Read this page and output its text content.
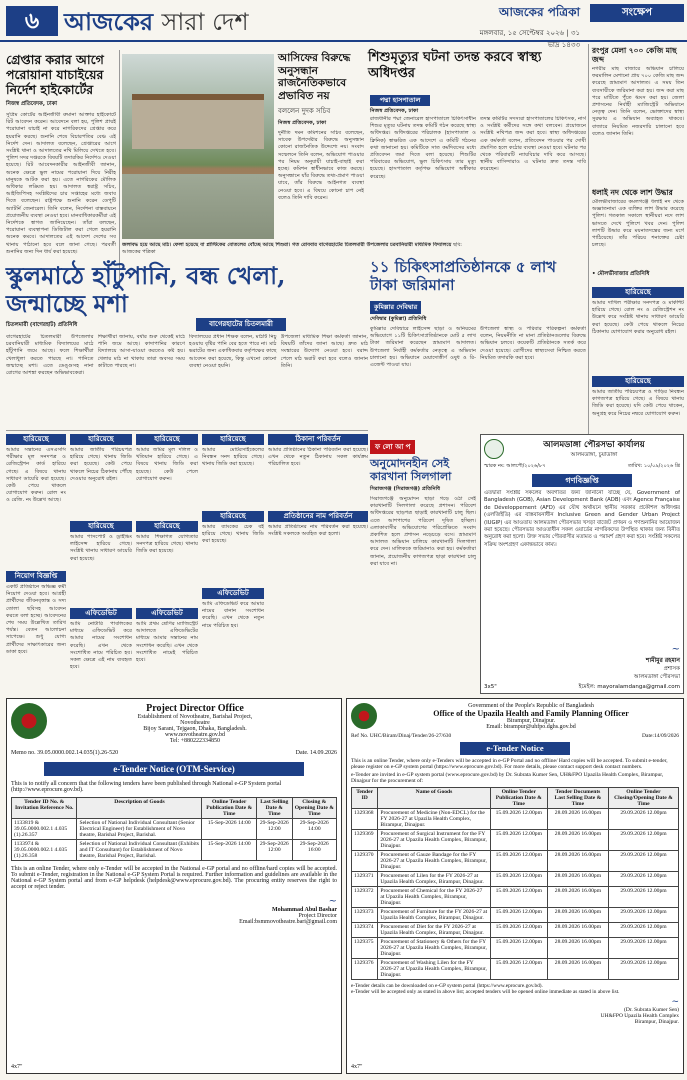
৬	আজকের সারা দেশ	আজকের পত্রিকা
মঙ্গলবার, ১৫ সেপ্টেম্বর ২০২৬ | ৩১ ভাদ্র ১৪৩৩
সংক্ষেপ
গ্রেপ্তার করার আগে পরোয়ানা যাচাইয়ের নির্দেশ হাইকোর্টের
নিজস্ব প্রতিবেদক, ঢাকা
সুপ্রিম কোর্টের আইনজীবী রুমানা আক্তার হাইকোর্টে রিট আবেদন করেন। আবেদনে বলা হয়, পুলিশ প্রায়ই পরোয়ানা যাচাই না করে নাগরিকদের গ্রেপ্তার করে হয়রানি করছে। শুনানি শেষে বিচারপতির বেঞ্চ এই নির্দেশ দেন। আদালত বলেছেন, গ্রেপ্তারের আগে সংশ্লিষ্ট থানা ও আদালতের নথি মিলিয়ে দেখতে হবে। পুলিশ সদর দপ্তরকে বিষয়টি তদারকির নির্দেশও দেওয়া হয়েছে। রিট আবেদনকারীর আইনজীবী জানান, অনেক ক্ষেত্রে ভুল নামের পরোয়ানা দিয়ে নিরীহ মানুষকে আটক করা হয়। এতে নাগরিকের মৌলিক অধিকার লঙ্ঘিত হয়। আদালত স্বরাষ্ট্র সচিব, আইজিপিসহ সংশ্লিষ্টদের চার সপ্তাহের মধ্যে জবাব দিতে বলেছেন। রাষ্ট্রপক্ষে শুনানি করেন ডেপুটি অ্যাটর্নি জেনারেল। তিনি বলেন, নির্দেশনা বাস্তবায়নে প্রয়োজনীয় ব্যবস্থা নেওয়া হবে। মানবাধিকারকর্মীরা এই নির্দেশকে স্বাগত জানিয়েছেন। তাঁরা বলছেন, পরোয়ানা ব্যবস্থাপনা ডিজিটাল করা গেলে হয়রানি অনেক কমবে। আদালতের এই আদেশ দেশের সব থানায় পাঠানো হবে বলে জানা গেছে। পরবর্তী শুনানির জন্য দিন ধার্য করা হয়েছে।
জলাবদ্ধ হয়ে আছে মাঠ। ফেলা হয়েছে বা প্লাস্টিকের বোতলের বোঁচ্ছে আছে শিশুরা। গত রোববার বাগেরহাটের চিতলমারী উপজেলার চরবানিয়ারী মাধ্যমিক বিদ্যালয়ে ছবি: আজকের পত্রিকা
আসিফের বিরুদ্ধে অনুসন্ধান রাজনৈতিকভাবে প্রভাবিত নয়
বললেন দুদক সচিব
নিজস্ব প্রতিবেদক, ঢাকা
দুর্নীতি দমন কমিশনের সচিব বলেছেন, সাবেক উপদেষ্টার বিরুদ্ধে অনুসন্ধান কোনো রাজনৈতিক উদ্দেশ্যে নয়। সংবাদ সম্মেলনে তিনি বলেন, অভিযোগ পাওয়ার পর নিয়ম অনুযায়ী যাচাই-বাছাই করা হচ্ছে। কমিশন স্বাধীনভাবে কাজ করছে। অনুসন্ধানে যাঁর বিরুদ্ধে তথ্য-প্রমাণ পাওয়া যাবে, তাঁর বিরুদ্ধে আইনগত ব্যবস্থা নেওয়া হবে। এ বিষয়ে কোনো চাপ নেই বলেও তিনি দাবি করেন।
শিশুমৃত্যুর ঘটনা তদন্ত করবে স্বাস্থ্য অধিদপ্তর
পদ্মা হাসপাতাল
নিজস্ব প্রতিবেদক, ঢাকা
রাজধানীর পদ্মা জেনারেল হাসপাতালে চিকিৎসাধীন শিশুর মৃত্যুর ঘটনায় তদন্ত কমিটি গঠন করেছে স্বাস্থ্য অধিদপ্তর। অধিদপ্তরের পরিচালক (হাসপাতাল ও ক্লিনিক) স্বাক্ষরিত এক আদেশে এ কমিটি গঠনের কথা জানানো হয়। কমিটিকে সাত কর্মদিবসের মধ্যে প্রতিবেদন জমা দিতে বলা হয়েছে। শিশুটির পরিবারের অভিযোগ, ভুল চিকিৎসায় তার মৃত্যু হয়েছে। হাসপাতাল কর্তৃপক্ষ অভিযোগ অস্বীকার করেছে।
তদন্ত কমিটির সদস্যরা হাসপাতালের চিকিৎসক, নার্স ও সংশ্লিষ্ট কর্মীদের সঙ্গে কথা বলবেন। প্রয়োজনে সংশ্লিষ্ট নথিপত্র জব্দ করা হবে। স্বাস্থ্য অধিদপ্তরের এক কর্মকর্তা বলেন, প্রতিবেদন পাওয়ার পর দোষী প্রমাণিত হলে কঠোর ব্যবস্থা নেওয়া হবে। ঘটনার পর থেকে পরিবারটি ন্যায়বিচার দাবি করে আসছে। স্থানীয় বাসিন্দারাও এ ঘটনার দ্রুত তদন্ত দাবি করেছেন।
রংপুর মেলা ৭০০ কেজি মাছ জব্দ
নগরীর মাছ বাজারে অভিযান চালিয়ে ফরমালিন মেশানো প্রায় ৭০০ কেজি মাছ জব্দ করেছে ভ্রাম্যমাণ আদালত। এ সময় তিন ব্যবসায়ীকে জরিমানা করা হয়। জব্দ করা মাছ পরে মাটিতে পুঁতে ধ্বংস করা হয়। জেলা প্রশাসনের নির্বাহী ম্যাজিস্ট্রেট অভিযানে নেতৃত্ব দেন। তিনি বলেন, ভোক্তাদের স্বাস্থ্য সুরক্ষায় এ অভিযান অব্যাহত থাকবে। বাজারে নিয়মিত নজরদারি চালানো হবে বলেও জানান তিনি।
ধলাই নদ থেকে লাশ উদ্ধার
মৌলভীবাজারের কমলগঞ্জে ধলাই নদ থেকে অজ্ঞাতনামা এক ব্যক্তির লাশ উদ্ধার করেছে পুলিশ। গতকাল সকালে স্থানীয়রা নদে লাশ ভাসতে দেখে পুলিশে খবর দেন। পুলিশ লাশটি উদ্ধার করে ময়নাতদন্তের জন্য মর্গে পাঠিয়েছে। তাঁর পরিচয় শনাক্তের চেষ্টা চলছে।
• মৌলভীবাজার প্রতিনিধি
হারিয়েছে
আমার দাখিল পরীক্ষার সনদপত্র ও মার্কশিট হারিয়ে গেছে। রোল নং ও রেজিস্ট্রেশন নং উল্লেখ করে সংশ্লিষ্ট থানায় সাধারণ ডায়েরি করা হয়েছে। কেউ পেয়ে থাকলে নিচের ঠিকানায় যোগাযোগ করার অনুরোধ রইল।
হারিয়েছে
আমার জাতীয় পরিচয়পত্র ও গাড়ির নিবন্ধন কাগজপত্র হারিয়ে গেছে। এ বিষয়ে থানায় জিডি করা হয়েছে। যদি কেউ পেয়ে থাকেন, অনুগ্রহ করে নিচের নম্বরে যোগাযোগ করুন।
স্কুলমাঠে হাঁটুপানি, বন্ধ খেলা, জন্মাচ্ছে মশা
চিতলমারী (বাগেরহাট) প্রতিনিধি	বাগেরহাটের চিতলমারী
বাগেরহাটের চিতলমারী উপজেলার চরবানিয়ারী মাধ্যমিক বিদ্যালয়ের মাঠে হাঁটুপানি জমে আছে। ফলে শিক্ষার্থীরা খেলাধুলা করতে পারছে না। পানিতে জন্মাচ্ছে মশা। এতে ডেঙ্গুসহ নানা রোগের আশঙ্কা করছেন অভিভাবকেরা।
শিক্ষার্থীরা জানায়, বর্ষার শুরু থেকেই মাঠে পানি জমে আছে। কাদাপানির কারণে বিদ্যালয়ে আসা-যাওয়া করতেও কষ্ট হয়। খেলার মাঠ না থাকায় তারা অবসর সময় কাটাতে পারছে না।
বিদ্যালয়ের প্রধান শিক্ষক বলেন, মাঠটি নিচু হওয়ায় বৃষ্টির পানি বের হতে পারে না। মাঠ ভরাটের জন্য একাধিকবার কর্তৃপক্ষের কাছে আবেদন করা হয়েছে, কিন্তু এখনো কোনো ব্যবস্থা নেওয়া হয়নি।
উপজেলা মাধ্যমিক শিক্ষা কর্মকর্তা জানান, বিষয়টি তাঁদের জানা আছে। দ্রুত মাঠ সংস্কারের উদ্যোগ নেওয়া হবে। বরাদ্দ পেলে মাঠ ভরাট করা হবে বলেও জানান তিনি।
১১ চিকিৎসাপ্রতিষ্ঠানকে ৫ লাখ টাকা জরিমানা
কুমিল্লার দেবিদ্বার
দেবিদ্বার (কুমিল্লা) প্রতিনিধি
কুমিল্লার দেবিদ্বারে লাইসেন্স ছাড়া ও অনিয়মের অভিযোগে ১১টি চিকিৎসাপ্রতিষ্ঠানকে মোট ৫ লাখ টাকা জরিমানা করেছেন ভ্রাম্যমাণ আদালত। উপজেলা নির্বাহী কর্মকর্তার নেতৃত্বে এ অভিযান চালানো হয়। অভিযানে মেয়াদোত্তীর্ণ ওষুধ ও রি-এজেন্ট পাওয়া যায়।
উপজেলা স্বাস্থ্য ও পরিবার পরিকল্পনা কর্মকর্তা বলেন, নিয়মনীতি না মানা প্রতিষ্ঠানগুলোর বিরুদ্ধে অভিযান চলবে। কয়েকটি প্রতিষ্ঠানকে সতর্ক করে দেওয়া হয়েছে। রোগীদের স্বাস্থ্যসেবা নিশ্চিত করতে নিয়মিত তদারকি করা হবে।
হারিয়েছে
আমার সন্তানের এসএসসি পরীক্ষার মূল সনদপত্র ও রেজিস্ট্রেশন কার্ড হারিয়ে গেছে। এ বিষয়ে থানায় সাধারণ ডায়েরি করা হয়েছে। কেউ পেয়ে থাকলে যোগাযোগ করুন। রোল নং ও রেজি. নং উল্লেখ আছে।
নিয়োগ বিজ্ঞপ্তি
একটি প্রতিষ্ঠানে অভিজ্ঞ কর্মী নিয়োগ দেওয়া হবে। আগ্রহী প্রার্থীদের জীবনবৃত্তান্ত ও সদ্য তোলা ছবিসহ আবেদন করতে বলা হচ্ছে। আবেদনের শেষ সময় উল্লেখিত তারিখ পর্যন্ত। বেতন আলোচনা সাপেক্ষে। শুধু যোগ্য প্রার্থীদের সাক্ষাৎকারের জন্য ডাকা হবে।
হারিয়েছে
আমার জাতীয় পরিচয়পত্র হারিয়ে গেছে। থানায় জিডি করা হয়েছে। কেউ পেয়ে থাকলে নিচের ঠিকানায় পৌঁছে দেওয়ার অনুরোধ রইল।
হারিয়েছে
আমার পাসপোর্ট ও ড্রাইভিং লাইসেন্স হারিয়ে গেছে। সংশ্লিষ্ট থানায় সাধারণ ডায়েরি করা হয়েছে।
এফিডেভিট
আমি নোটারি পাবলিকের মাধ্যমে এফিডেভিট করে আমার নামের সংশোধন করেছি। এখন থেকে সংশোধিত নামে পরিচিত হব। সকল ক্ষেত্রে এই নাম ব্যবহৃত হবে।
হারিয়েছে
আমার জমির মূল দলিল ও খতিয়ান হারিয়ে গেছে। এ বিষয়ে থানায় জিডি করা হয়েছে। কেউ পেলে যোগাযোগ করুন।
হারিয়েছে
আমার শিক্ষাগত যোগ্যতার সনদপত্র হারিয়ে গেছে। থানায় জিডি করা হয়েছে।
এফিডেভিট
আমি প্রথম শ্রেণির ম্যাজিস্ট্রেট আদালতে এফিডেভিটের মাধ্যমে আমার সন্তানের নাম সংশোধন করেছি। এখন থেকে সংশোধিত নামেই পরিচিত হবে।
হারিয়েছে
আমার মোটরসাইকেলের নিবন্ধন সনদ হারিয়ে গেছে। থানায় জিডি করা হয়েছে।
হারিয়েছে
আমার ব্যাংকের চেক বই হারিয়ে গেছে। থানায় জিডি করা হয়েছে।
ঠিকানা পরিবর্তন
আমার প্রতিষ্ঠানের ঠিকানা পরিবর্তন করা হয়েছে। এখন থেকে নতুন ঠিকানায় সকল কার্যক্রম পরিচালিত হবে।
প্রতিষ্ঠানের নাম পরিবর্তন
আমার প্রতিষ্ঠানের নাম পরিবর্তন করা হয়েছে। সংশ্লিষ্ট সকলকে অবহিত করা হলো।
এফিডেভিট
আমি এফিডেভিট করে আমার নামের বানান সংশোধন করেছি। এখন থেকে নতুন নামে পরিচিত হব।
ফ লো আ প
অনুমোদনহীন সেই কারখানা সিলগালা
সিরাজগঞ্জ (সিরাজগঞ্জ) প্রতিনিধি
সিরাজগঞ্জে অনুমোদন ছাড়া গড়ে ওঠা সেই কারখানাটি সিলগালা করেছে প্রশাসন। পরিবেশ অধিদপ্তরের ছাড়পত্র ছাড়াই কারখানাটি চালু ছিল। এতে আশপাশের পরিবেশ দূষিত হচ্ছিল। এলাকাবাসীর অভিযোগের পরিপ্রেক্ষিতে সংবাদ প্রকাশিত হলে প্রশাসন নড়েচড়ে বসে। ভ্রাম্যমাণ আদালত অভিযান চালিয়ে কারখানাটি সিলগালা করে দেন। মালিককে জরিমানাও করা হয়। কর্মকর্তারা জানান, প্রয়োজনীয় কাগজপত্র ছাড়া কারখানা চালু করা যাবে না।
আলমডাঙ্গা পৌরসভা কার্যালয়
আলমডাঙ্গা, চুয়াডাঙ্গা
স্মারক নং: আলপৌ/২০২৬/৮৭	তারিখ: ১০/০৯/২০২৬ খ্রি
গণবিজ্ঞপ্তি
এতদ্বারা সংশ্লিষ্ট সকলের অবগতির জন্য জানানো যাচ্ছে যে, Government of Bangladesh (GOB), Asian Development Bank (ADB) এবং Agence Française de Développement (AFD) এর যৌথ অর্থায়নে স্থানীয় সরকার প্রকৌশল অধিদপ্তর (এলজিইডি) এর বাস্তবায়নাধীন Inclusive Green and Gender Urban Project (IUGIP) এর আওতায় আলমডাঙ্গা পৌরসভার খসড়া বাজেট প্রণয়ন ও গণশুনানির আয়োজন করা হয়েছে। পৌরসভার আওতাধীন সকল ওয়ার্ডের নাগরিকদের উপস্থিত থাকার জন্য বিনীত অনুরোধ করা হলো। উক্ত সভায় পৌরবাসীর মতামত ও পরামর্শ গ্রহণ করা হবে। সংশ্লিষ্ট সকলের সক্রিয় অংশগ্রহণ একান্তভাবে কাম্য।
~
শামীমুর রহমান
প্রশাসক
আলমডাঙ্গা পৌরসভা
3x5"	ইমেইল: mayoralamdanga@gmail.com
Project Director Office
Establishment of Novotheatre, Barishal Project,
Novotheatre
Bijoy Sarani, Tejgaon, Dhaka, Bangladesh.
www.novotheatre.gov.bd
Tel: +880222334850
Memo no. 39.05.0000.002.14.035(1).26-520	Date. 14.09.2026
e-Tender Notice (OTM-Service)
This is to notify all concern that the following tenders have been published through National e-GP System portal (http://www.eprocure.gov.bd).
Tender ID No. & Invitation Reference No.	Description of Goods	Online Tender Publication Date & Time	Last Selling Date & Time	Closing & Opening Date & Time
1133819 & 39.05.0000.002.1 4.035 (1).26.357	Selection of National Individual Consultant (Senior Electrical Engineer) for Establishment of Novo theatre, Barishal Project, Barishal.	15-Sep-2026 14:00	29-Sep-2026 12:00	29-Sep-2026 14:00
1133974 & 39.05.0000.002.1 4.035 (1).26.358	Selection of National Individual Consultant (Exhibits and IT Consultant) for Establishment of Novo theatre, Barishal Project, Barishal.	15-Sep-2026 14:00	29-Sep-2026 12:00	29-Sep-2026 16:00
This is an online Tender, where only e-Tender will be accepted in the National e-GP portal and no offline/hard copies will be accepted. To submit e-Tender, registration in the National e-GP System Portal is required. Further information and guidelines are available in the National e-GP System portal and from e-GP helpdesk (helpdesk@www.eprocure.gov.bd). The procuring entity reserves the right to accept or reject tender.
~
Mohammad Abul Bashar
Project Director
Email:bsmmovotheatre.bari@gmail.com
4x7"
Government of the People's Republic of Bangladesh
Office of the Upazila Health and Family Planning Officer
Birampur, Dinajpur.
Email: birampur@uhfpo.dghs.gov.bd
Ref No. UHC/Biram/Dinaj/Tender/26-27/630	Date:14/09/2026
e-Tender Notice
This is an online Tender, where only e-Tenders will be accepted in e-GP Portal and no offline/ Hard copies will be accepted. To submit e-tender, please register on e-GP system portal (https://www.eprocure.gov.bd). For more details, please contact support desk contact numbers.
e-Tender are invited in e-GP system portal (www.eprocure.gov.bd) by Dr. Subrata Kumer Sen, UH&FPO Upazila Health Complex, Birampur, Dinajpur for the procurement of:
Tender ID	Name of Goods	Online Tender Publication Date & Time	Tender Documents Last Selling Date & Time	Online Tender Closing/Opening Date & Time
1329368	Procurement of Medicine (Non-EDCL) for the FY 2026-27 at Upazila Health Complex, Birampur, Dinajpur.	15.09.2026 12.00pm	28.09.2026 16.00pm	29.09.2026 12.00pm
1329369	Procurement of Surgical Instrument for the FY 2026-27 at Upazila Health Complex, Birampur, Dinajpur.	15.09.2026 12.00pm	28.09.2026 16.00pm	29.09.2026 12.00pm
1329370	Procurement of Gauze Bandage for the FY 2026-27 at Upazila Health Complex, Birampur, Dinajpur.	15.09.2026 12.00pm	28.09.2026 16.00pm	29.09.2026 12.00pm
1329371	Procurement of Lilen for the FY 2026-27 at Upazila Health Complex, Birampur, Dinajpur.	15.09.2026 12.00pm	28.09.2026 16.00pm	29.09.2026 12.00pm
1329372	Procurement of Chemical for the FY 2026-27 at Upazila Health Complex, Birampur, Dinajpur.	15.09.2026 12.00pm	28.09.2026 16.00pm	29.09.2026 12.00pm
1329373	Procurement of Furniture for the FY 2026-27 at Upazila Health Complex, Birampur, Dinajpur.	15.09.2026 12.00pm	28.09.2026 16.00pm	29.09.2026 12.00pm
1329374	Procurement of Diet for the FY 2026-27 at Upazila Health Complex, Birampur, Dinajpur.	15.09.2026 12.00pm	28.09.2026 16.00pm	29.09.2026 12.00pm
1329375	Procurement of Stationery & Others for the FY 2026-27 at Upazila Health Complex, Birampur, Dinajpur.	15.09.2026 12.00pm	28.09.2026 16.00pm	29.09.2026 12.00pm
1329376	Procurement of Washing Lilen for the FY 2026-27 at Upazila Health Complex, Birampur, Dinajpur.	15.09.2026 12.00pm	28.09.2026 16.00pm	29.09.2026 12.00pm
e-Tender details can be downloaded on e-GP system portal (https://www.eprocure.gov.bd).
e-Tender will be accepted only as stated in above list; accepted tenders will be opened online immediate as stated in above list.
~
(Dr. Subrata Kumer Sen)
UH&FPO Upazila Health Complex
Birampur, Dinajpur.
4x7"
